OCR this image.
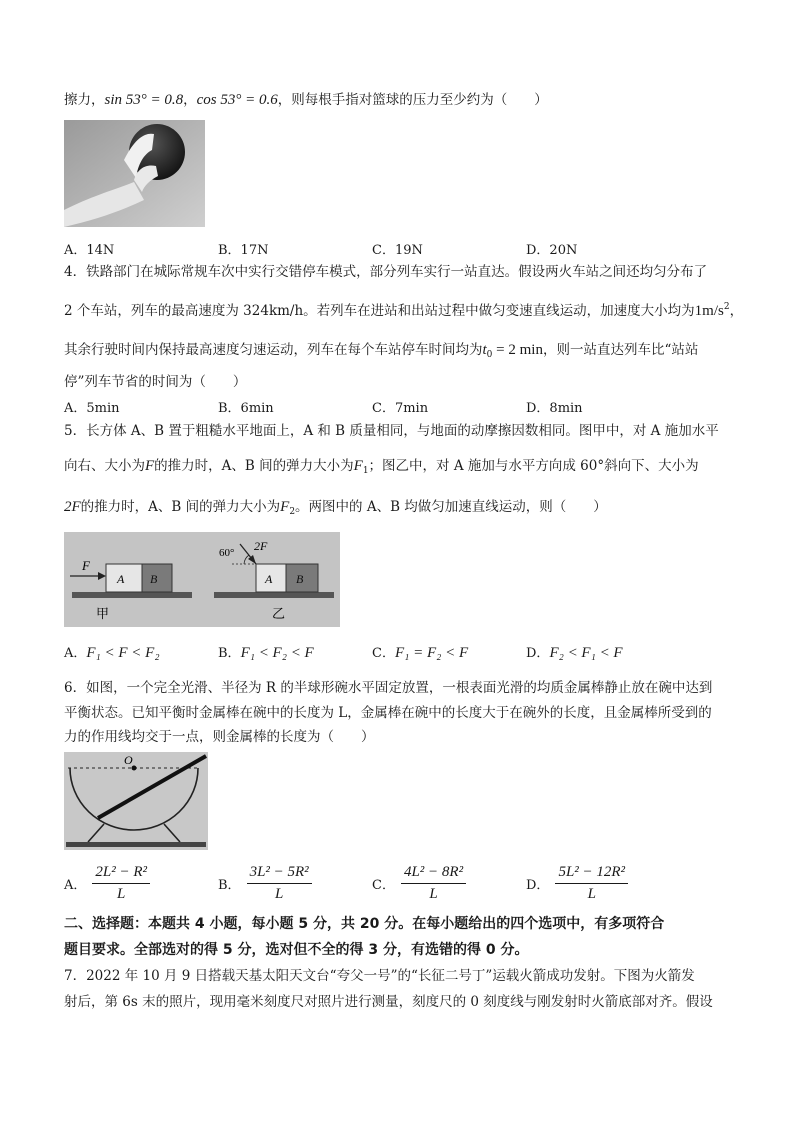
擦力，sin 53° = 0.8，cos 53° = 0.6，则每根手指对篮球的压力至少约为（　　）
A．14N	B．17N	C．19N	D．20N
4．铁路部门在城际常规车次中实行交错停车模式，部分列车实行一站直达。假设两火车站之间还均匀分布了
2 个车站，列车的最高速度为 324km/h。若列车在进站和出站过程中做匀变速直线运动，加速度大小均为$1m/s^2$，
其余行驶时间内保持最高速度匀速运动，列车在每个车站停车时间均为$t_0 = 2$ min，则一站直达列车比“站站
停”列车节省的时间为（　　）
A．5min	B．6min	C．7min	D．8min
5．长方体 A、B 置于粗糙水平地面上，A 和 B 质量相同，与地面的动摩擦因数相同。图甲中，对 A 施加水平
向右、大小为F的推力时，A、B 间的弹力大小为$F_1$；图乙中，对 A 施加与水平方向成 60°斜向下、大小为
2F的推力时，A、B 间的弹力大小为$F_2$。两图中的 A、B 均做匀加速直线运动，则（　　）
F
A B
甲
60° 2F
A B
乙
A．F₁ < F < F₂	B．F₁ < F₂ < F	C．F₁ = F₂ < F	D．F₂ < F₁ < F
6．如图，一个完全光滑、半径为 R 的半球形碗水平固定放置，一根表面光滑的均质金属棒静止放在碗中达到
平衡状态。已知平衡时金属棒在碗中的长度为 L，金属棒在碗中的长度大于在碗外的长度，且金属棒所受到的
力的作用线均交于一点，则金属棒的长度为（　　）
O
A． $\frac{\text{2L² − R²}}{L}$	B． $\frac{\text{3L² − 5R²}}{L}$	C． $\frac{\text{4L² − 8R²}}{L}$	D． $\frac{\text{5L² − 12R²}}{L}$
二、选择题：本题共 4 小题，每小题 5 分，共 20 分。在每小题给出的四个选项中，有多项符合
题目要求。全部选对的得 5 分，选对但不全的得 3 分，有选错的得 0 分。
7．2022 年 10 月 9 日搭载天基太阳天文台“夸父一号”的“长征二号丁”运载火箭成功发射。下图为火箭发
射后，第 6s 末的照片，现用毫米刻度尺对照片进行测量，刻度尺的 0 刻度线与刚发射时火箭底部对齐。假设
